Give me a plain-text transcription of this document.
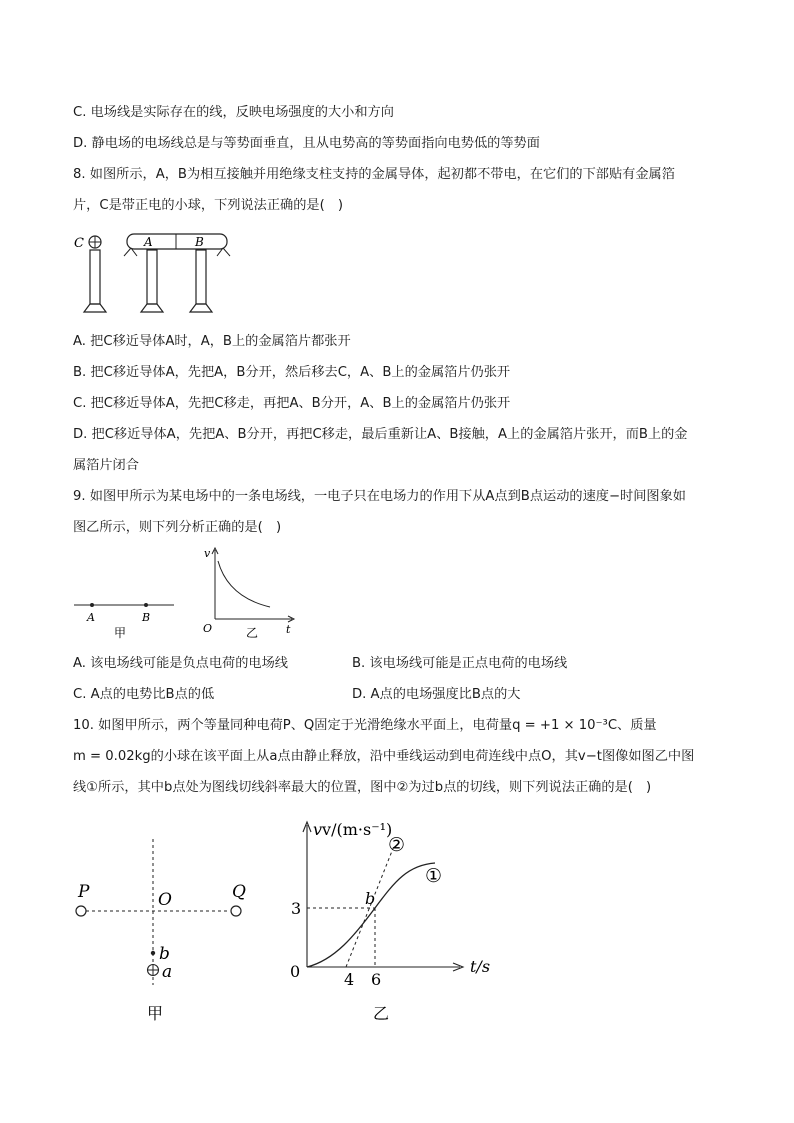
C. 电场线是实际存在的线，反映电场强度的大小和方向
D. 静电场的电场线总是与等势面垂直，且从电势高的等势面指向电势低的等势面
8. 如图所示，A，B为相互接触并用绝缘支柱支持的金属导体，起初都不带电，在它们的下部贴有金属箔
片，C是带正电的小球，下列说法正确的是(　)
C	A	B
A. 把C移近导体A时，A，B上的金属箔片都张开
B. 把C移近导体A，先把A，B分开，然后移去C，A、B上的金属箔片仍张开
C. 把C移近导体A，先把C移走，再把A、B分开，A、B上的金属箔片仍张开
D. 把C移近导体A，先把A、B分开，再把C移走，最后重新让A、B接触，A上的金属箔片张开，而B上的金
属箔片闭合
9. 如图甲所示为某电场中的一条电场线，一电子只在电场力的作用下从A点到B点运动的速度−时间图象如
图乙所示，则下列分析正确的是(　)
A	B
甲
v
O	t
乙
A. 该电场线可能是负点电荷的电场线	B. 该电场线可能是正点电荷的电场线
C. A点的电势比B点的低	D. A点的电场强度比B点的大
10. 如图甲所示，两个等量同种电荷P、Q固定于光滑绝缘水平面上，电荷量q = +1 × 10⁻³C、质量
m = 0.02kg的小球在该平面上从a点由静止释放，沿中垂线运动到电荷连线中点O，其v−t图像如图乙中图
线①所示，其中b点处为图线切线斜率最大的位置，图中②为过b点的切线，则下列说法正确的是(　)
P	O	Q
b
a
甲
vv/(m·s⁻¹)
t/s
3
0	4 6
b
①
②
乙
